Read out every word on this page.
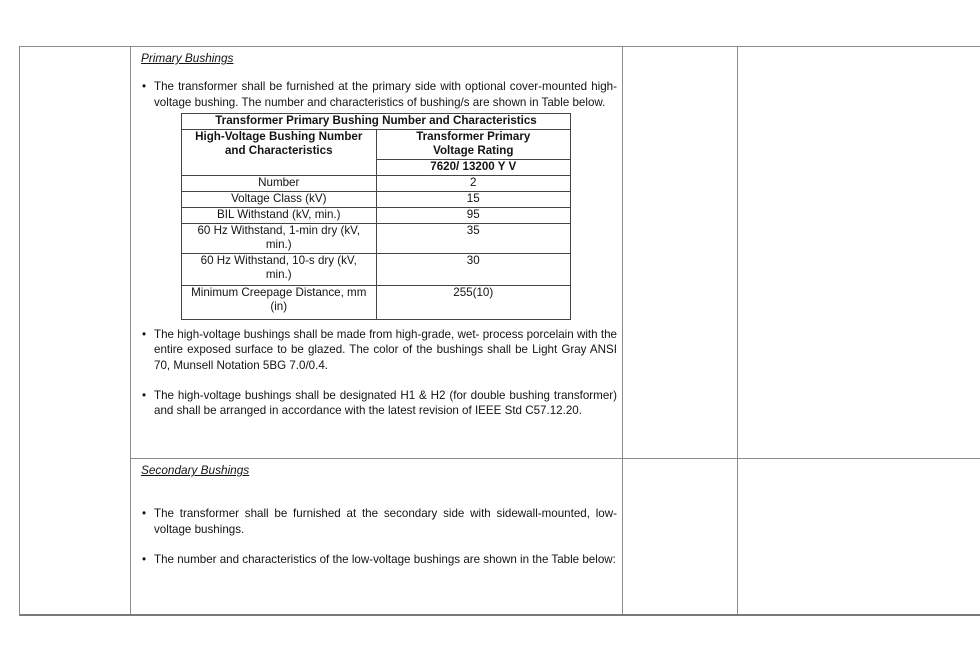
Primary Bushings
• The transformer shall be furnished at the primary side with optional cover-mounted high-voltage bushing. The number and characteristics of bushing/s are shown in Table below.
Transformer Primary Bushing Number and Characteristics	
High-Voltage Bushing Number
and Characteristics	Transformer Primary
Voltage Rating
	7620/ 13200 Y V
Number	2
Voltage Class (kV)	15
BIL Withstand (kV, min.)	95
60 Hz Withstand, 1-min dry (kV,
min.)	35
60 Hz Withstand, 10-s dry (kV,
min.)	30
Minimum Creepage Distance, mm
(in)	255(10)
• The high-voltage bushings shall be made from high-grade, wet- process porcelain with the entire exposed surface to be glazed. The color of the bushings shall be Light Gray ANSI 70, Munsell Notation 5BG 7.0/0.4.
• The high-voltage bushings shall be designated H1 & H2 (for double bushing transformer) and shall be arranged in accordance with the latest revision of IEEE Std C57.12.20.
Secondary Bushings
• The transformer shall be furnished at the secondary side with sidewall-mounted, low-voltage bushings.
• The number and characteristics of the low-voltage bushings are shown in the Table below:
